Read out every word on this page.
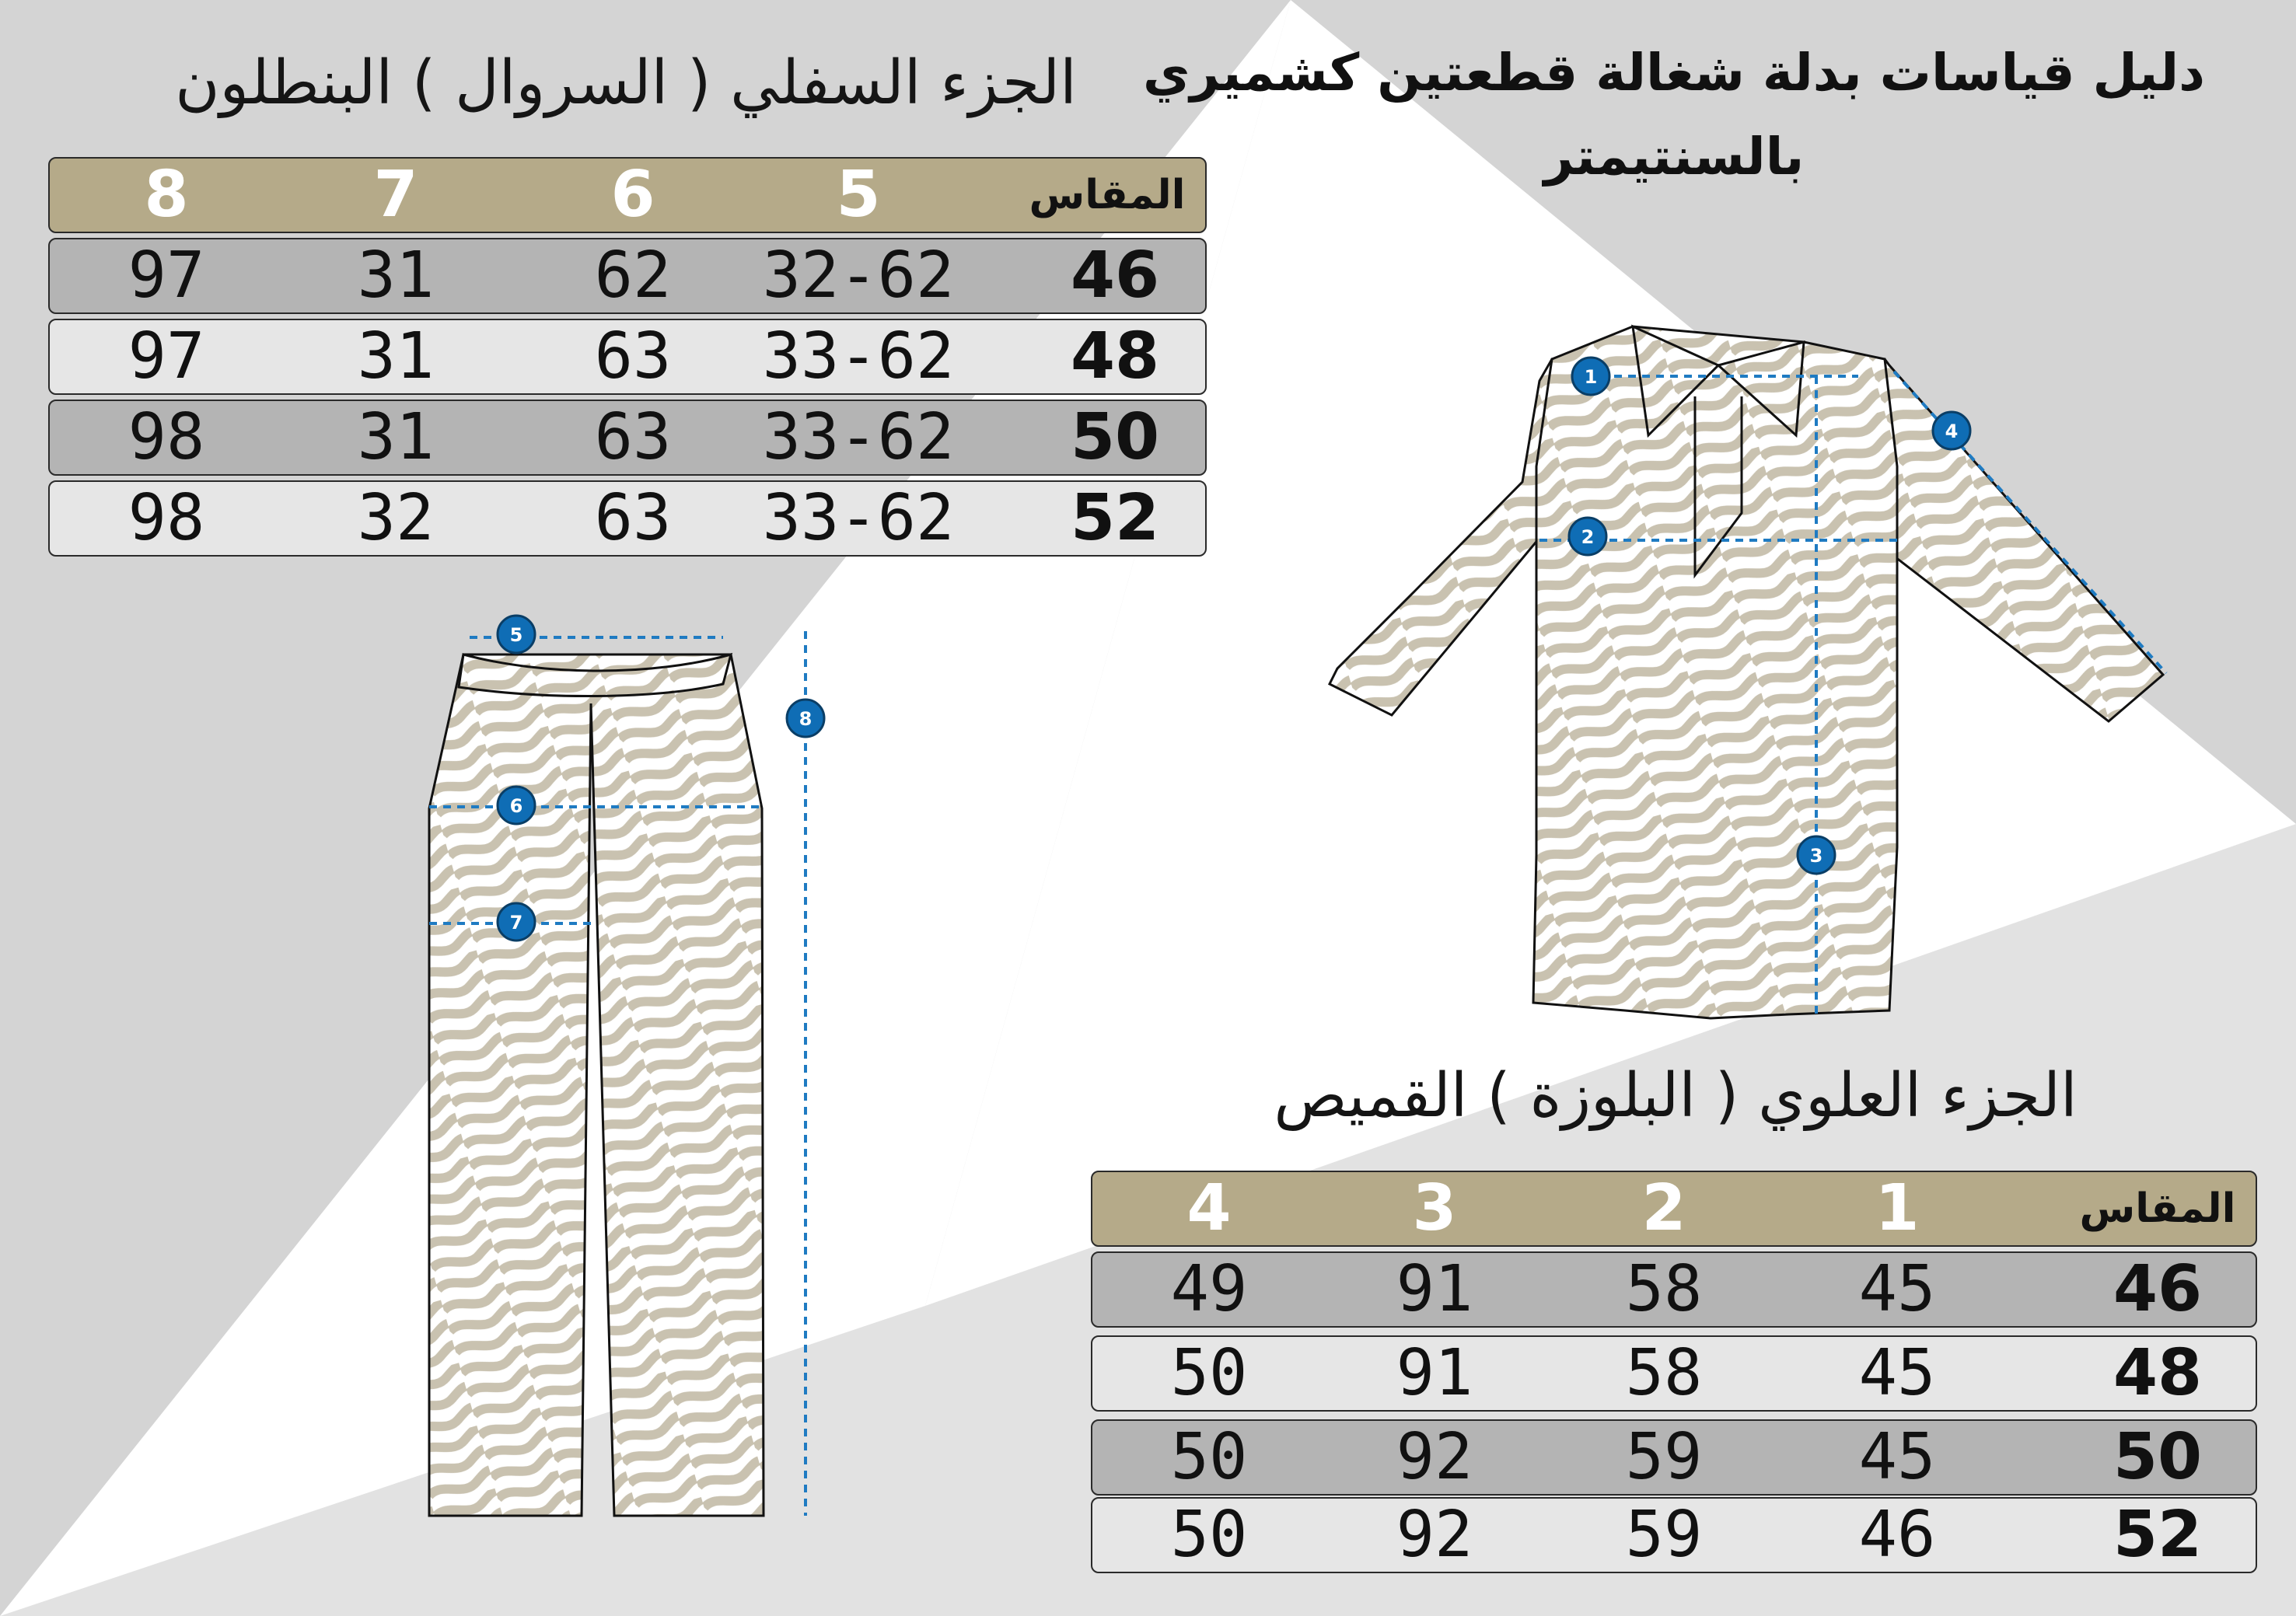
دليل قياسات بدلة شغالة قطعتين كشميري
بالسنتيمتر
الجزء السفلي ( السروال ) البنطلون
8	7	6	5	المقاس
97	31	62	32-62 46
97	31	63	33-62 48
98	31	63	33-62 50
98	32	63	33-62 52
الجزء العلوي ( البلوزة ) القميص
4	3	2	1	المقاس
49	91	58	45	46
50	91	58	45	48
50	92	59	45	50
50	92	59	46	52
1
2
3
4
5
6
7
8
